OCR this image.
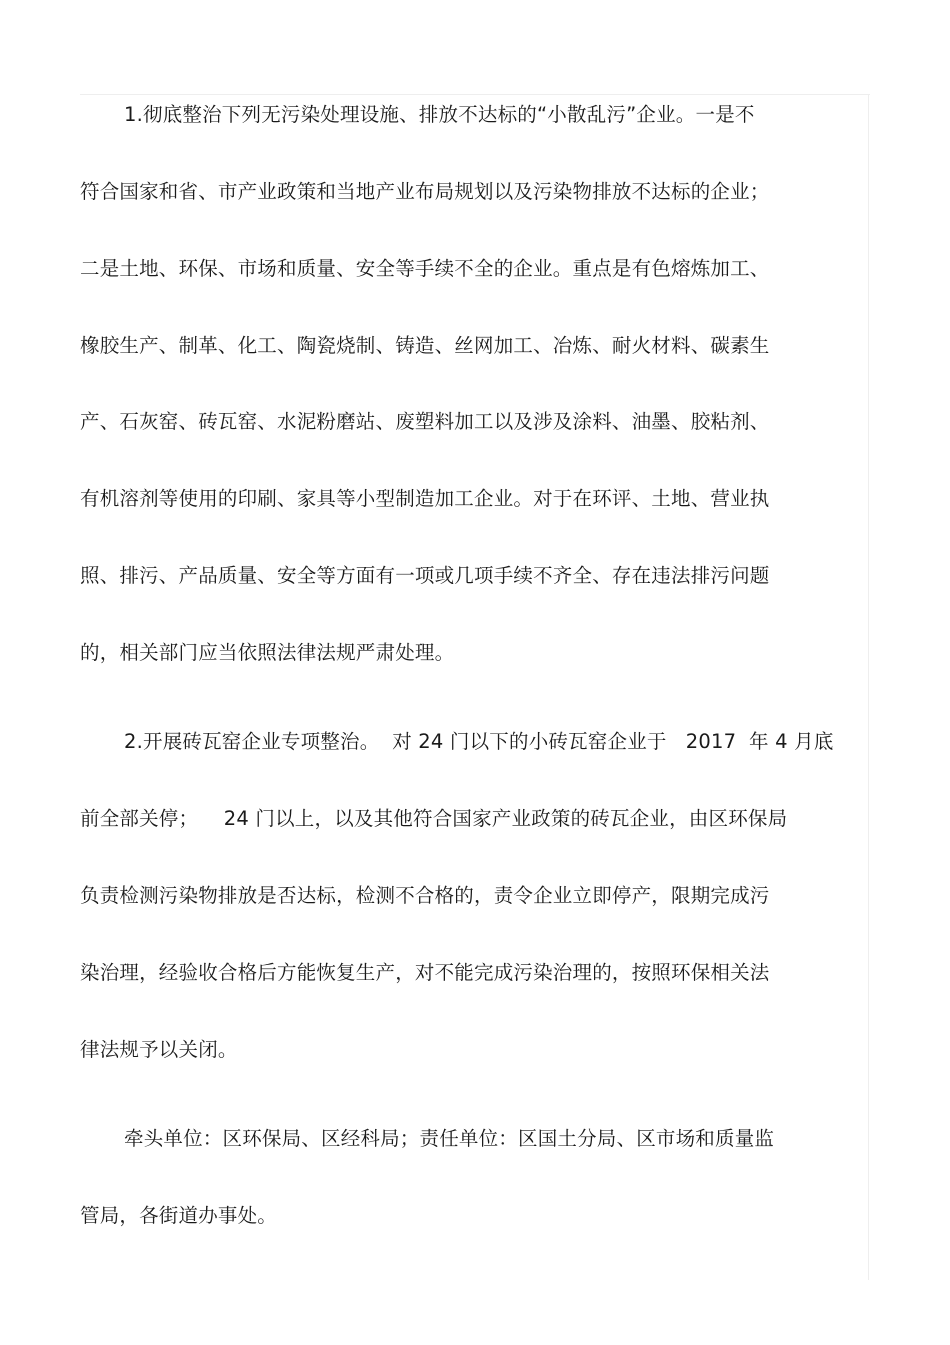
1.彻底整治下列无污染处理设施、排放不达标的“小散乱污”企业。一是不
符合国家和省、市产业政策和当地产业布局规划以及污染物排放不达标的企业；
二是土地、环保、市场和质量、安全等手续不全的企业。重点是有色熔炼加工、
橡胶生产、制革、化工、陶瓷烧制、铸造、丝网加工、冶炼、耐火材料、碳素生
产、石灰窑、砖瓦窑、水泥粉磨站、废塑料加工以及涉及涂料、油墨、胶粘剂、
有机溶剂等使用的印刷、家具等小型制造加工企业。对于在环评、土地、营业执
照、排污、产品质量、安全等方面有一项或几项手续不齐全、存在违法排污问题
的，相关部门应当依照法律法规严肃处理。
2.开展砖瓦窑企业专项整治。  对 24 门以下的小砖瓦窑企业于   2017  年 4 月底
前全部关停；    24 门以上，以及其他符合国家产业政策的砖瓦企业，由区环保局
负责检测污染物排放是否达标，检测不合格的，责令企业立即停产，限期完成污
染治理，经验收合格后方能恢复生产，对不能完成污染治理的，按照环保相关法
律法规予以关闭。
牵头单位：区环保局、区经科局；责任单位：区国土分局、区市场和质量监
管局，各街道办事处。
